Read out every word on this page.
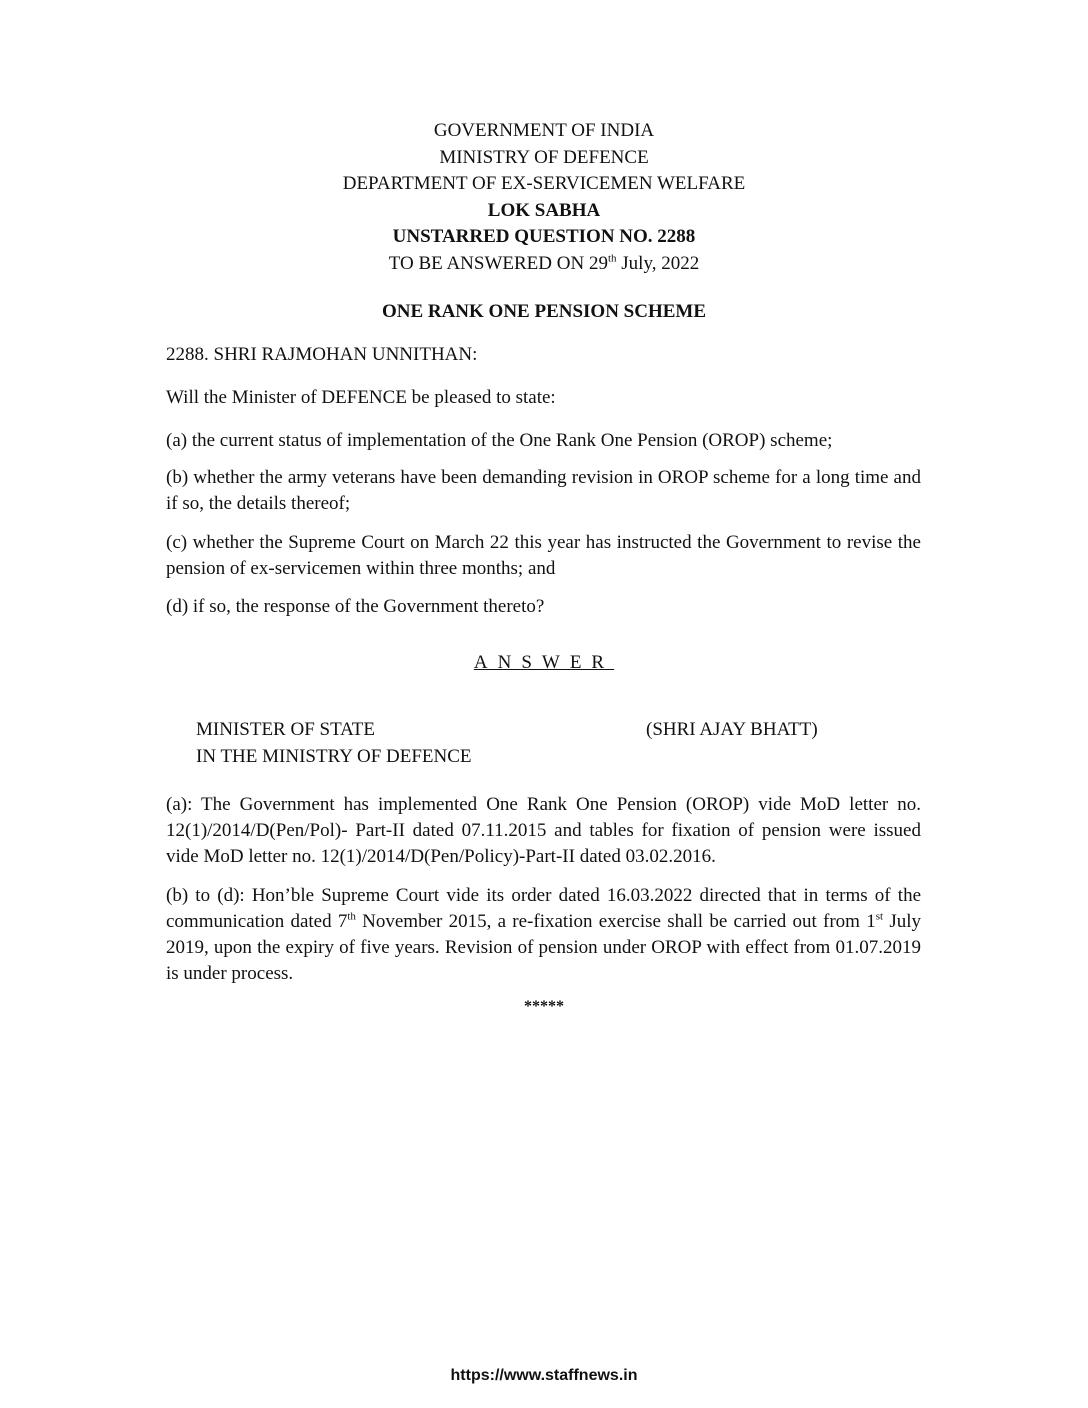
GOVERNMENT OF INDIA
MINISTRY OF DEFENCE
DEPARTMENT OF EX-SERVICEMEN WELFARE
LOK SABHA
UNSTARRED QUESTION NO. 2288
TO BE ANSWERED ON 29th July, 2022
ONE RANK ONE PENSION SCHEME
2288. SHRI RAJMOHAN UNNITHAN:
Will the Minister of DEFENCE be pleased to state:
(a) the current status of implementation of the One Rank One Pension (OROP) scheme;
(b) whether the army veterans have been demanding revision in OROP scheme for a long time and if so, the details thereof;
(c) whether the Supreme Court on March 22 this year has instructed the Government to revise the pension of ex-servicemen within three months; and
(d) if so, the response of the Government thereto?
ANSWER
MINISTER OF STATE
IN THE MINISTRY OF DEFENCE
(SHRI AJAY BHATT)
(a): The Government has implemented One Rank One Pension (OROP) vide MoD letter no. 12(1)/2014/D(Pen/Pol)- Part-II dated 07.11.2015 and tables for fixation of pension were issued vide MoD letter no. 12(1)/2014/D(Pen/Policy)-Part-II dated 03.02.2016.
(b) to (d): Hon’ble Supreme Court vide its order dated 16.03.2022 directed that in terms of the communication dated 7th November 2015, a re-fixation exercise shall be carried out from 1st July 2019, upon the expiry of five years. Revision of pension under OROP with effect from 01.07.2019 is under process.
*****
https://www.staffnews.in
